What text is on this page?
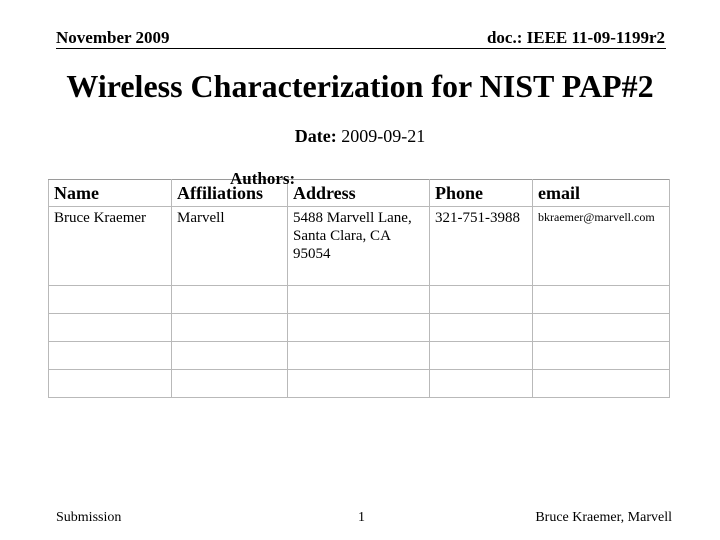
November 2009	doc.: IEEE 11-09-1199r2
Wireless Characterization for NIST PAP#2
Date: 2009-09-21
Name	Affiliations	Address	Phone	email
Bruce Kraemer	Marvell	5488 Marvell Lane, Santa Clara, CA 95054	321-751-3988	bkraemer@marvell.com

Authors:
Submission	1	Bruce Kraemer, Marvell
